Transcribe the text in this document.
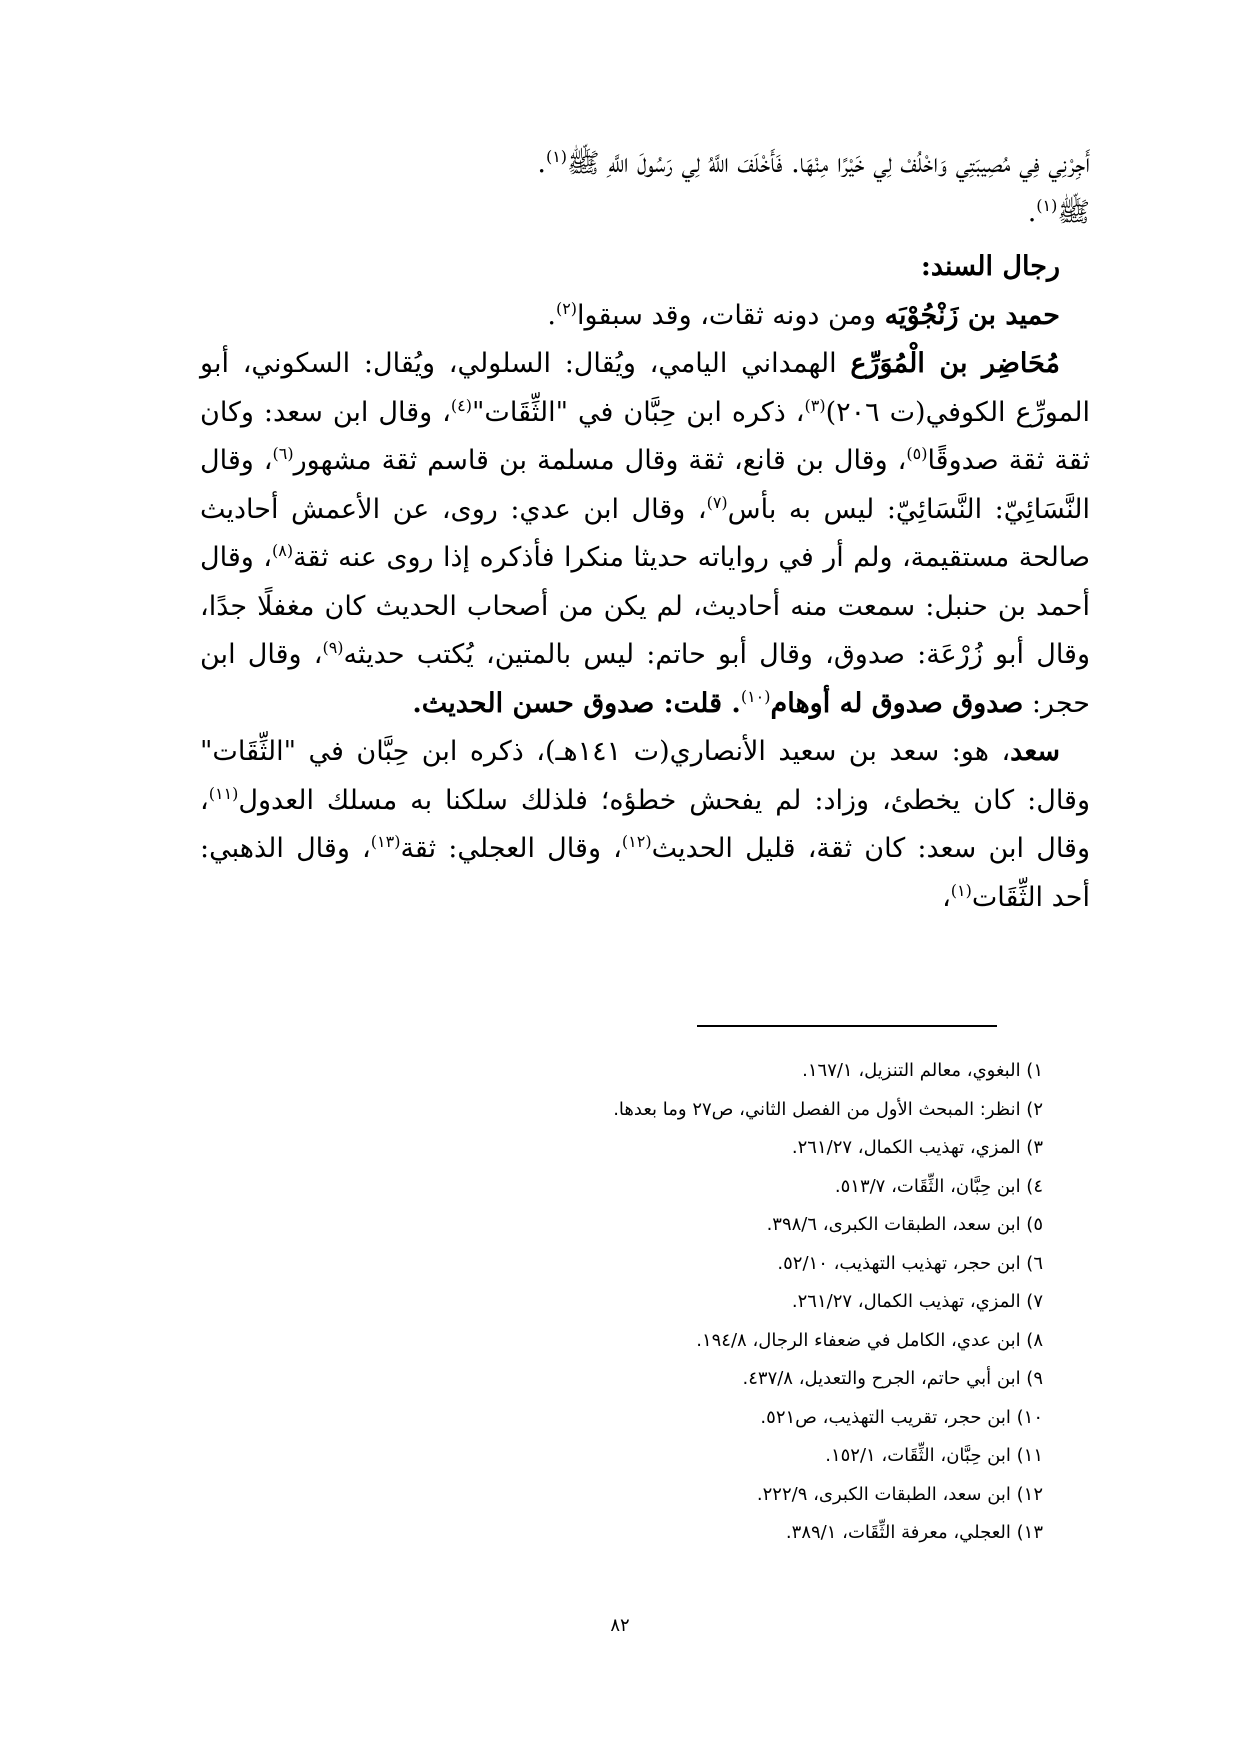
أَجِرْنِي فِي مُصِيبَتِي وَاخْلُفْ لِي خَيْرًا مِنْهَا. فَأَخْلَفَ اللَّهُ لِي رَسُولَ اللَّهِ ﷺ$^{(١)}$.

ﷺ$^{(١)}$.

رجال السند:

حميد بن زَنْجُوْيَه ومن دونه ثقات، وقد سبقوا$^{(٢)}$.

مُحَاضِر بن الْمُوَرِّع الهمداني اليامي، ويُقال: السلولي، ويُقال: السكوني، أبو المورِّع الكوفي(ت ٢٠٦)$^{(٣)}$، ذكره ابن حِبَّان في "الثِّقَات"$^{(٤)}$، وقال ابن سعد: وكان ثقة ثقة صدوقًا$^{(٥)}$، وقال بن قانع، ثقة وقال مسلمة بن قاسم ثقة مشهور$^{(٦)}$، وقال النَّسَائِيّ: النَّسَائِيّ: ليس به بأس$^{(٧)}$، وقال ابن عدي: روى، عن الأعمش أحاديث صالحة مستقيمة، ولم أر في رواياته حديثا منكرا فأذكره إذا روى عنه ثقة$^{(٨)}$، وقال أحمد بن حنبل: سمعت منه أحاديث، لم يكن من أصحاب الحديث كان مغفلًا جدًا، وقال أبو زُرْعَة: صدوق، وقال أبو حاتم: ليس بالمتين، يُكتب حديثه$^{(٩)}$، وقال ابن حجر: صدوق صدوق له أوهام$^{(١٠)}$. قلت: صدوق حسن الحديث.

سعد، هو: سعد بن سعيد الأنصاري(ت ١٤١هـ)، ذكره ابن حِبَّان في "الثِّقَات" وقال: كان يخطئ، وزاد: لم يفحش خطؤه؛ فلذلك سلكنا به مسلك العدول$^{(١١)}$، وقال ابن سعد: كان ثقة، قليل الحديث$^{(١٢)}$، وقال العجلي: ثقة$^{(١٣)}$، وقال الذهبي: أحد الثِّقَات$^{(١)}$،

١) البغوي، معالم التنزيل، ١٦٧/١.
٢) انظر: المبحث الأول من الفصل الثاني، ص٢٧ وما بعدها.
٣) المزي، تهذيب الكمال، ٢٦١/٢٧.
٤) ابن حِبَّان، الثِّقَات، ٥١٣/٧.
٥) ابن سعد، الطبقات الكبرى، ٣٩٨/٦.
٦) ابن حجر، تهذيب التهذيب، ٥٢/١٠.
٧) المزي، تهذيب الكمال، ٢٦١/٢٧.
٨) ابن عدي، الكامل في ضعفاء الرجال، ١٩٤/٨.
٩) ابن أبي حاتم، الجرح والتعديل، ٤٣٧/٨.
١٠) ابن حجر، تقريب التهذيب، ص٥٢١.
١١) ابن حِبَّان، الثِّقَات، ١٥٢/١.
١٢) ابن سعد، الطبقات الكبرى، ٢٢٢/٩.
١٣) العجلي، معرفة الثِّقَات، ٣٨٩/١.
٨٢
